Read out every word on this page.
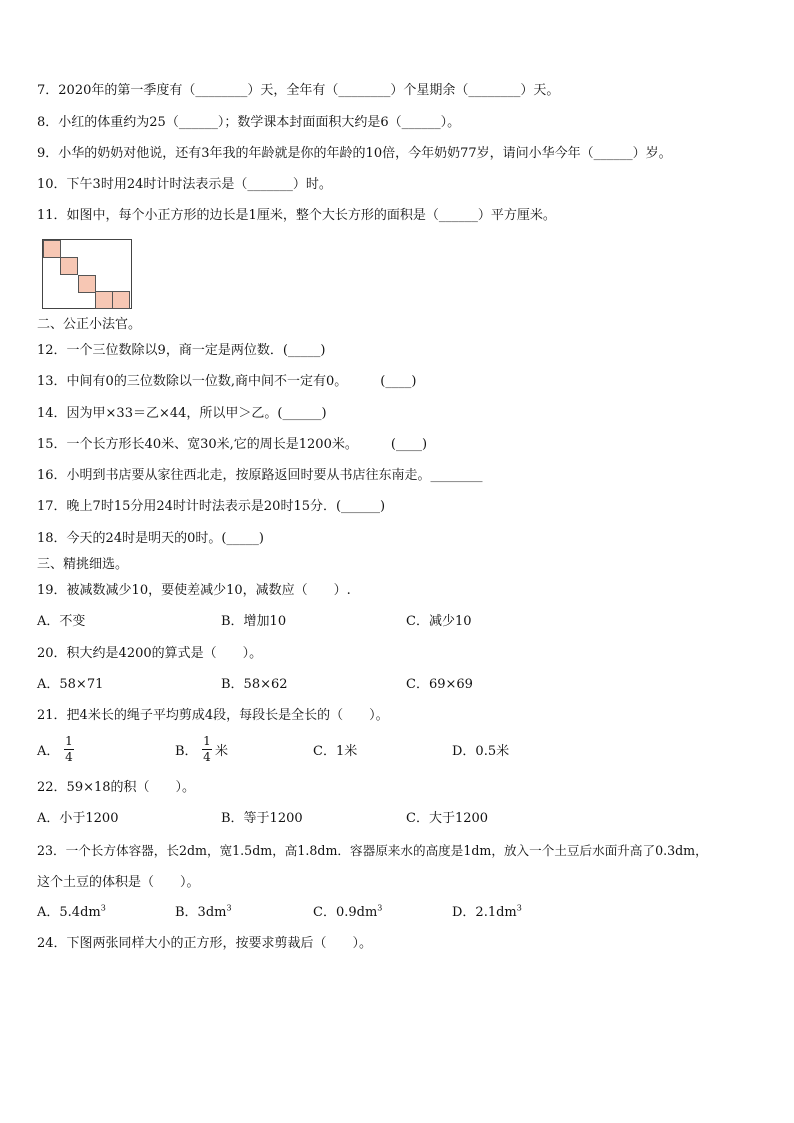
7．2020年的第一季度有（________）天，全年有（________）个星期余（________）天。
8．小红的体重约为25（______）；数学课本封面面积大约是6（______）。
9．小华的奶奶对他说，还有3年我的年龄就是你的年龄的10倍，今年奶奶77岁，请问小华今年（______）岁。
10．下午3时用24时计时法表示是（_______）时。
11．如图中，每个小正方形的边长是1厘米，整个大长方形的面积是（______）平方厘米。
二、公正小法官。
12．一个三位数除以9，商一定是两位数．(_____)
13．中间有0的三位数除以一位数,商中间不一定有0。        (____)
14．因为甲×33＝乙×44，所以甲＞乙。(______)
15．一个长方形长40米、宽30米,它的周长是1200米。        (____)
16．小明到书店要从家往西北走，按原路返回时要从书店往东南走。________
17．晚上7时15分用24时计时法表示是20时15分．(______)
18．今天的24时是明天的0时。(_____)
三、精挑细选。
19．被减数减少10，要使差减少10，减数应（　　）.
A．不变	B．增加10	C．减少10
20．积大约是4200的算式是（　　）。
A．58×71	B．58×62	C．69×69
21．把4米长的绳子平均剪成4段，每段长是全长的（　　）。
A．
1
4	B．
1
4 米	C．1米	D．0.5米
22．59×18的积（　　）。
A．小于1200	B．等于1200	C．大于1200
23．一个长方体容器，长2dm，宽1.5dm，高1.8dm．容器原来水的高度是1dm，放入一个土豆后水面升高了0.3dm，
这个土豆的体积是（　　）。
A．$5.4dm^3$	B．$3dm^3$	C．$0.9dm^3$	D．$2.1dm^3$
24．下图两张同样大小的正方形，按要求剪裁后（　　）。
